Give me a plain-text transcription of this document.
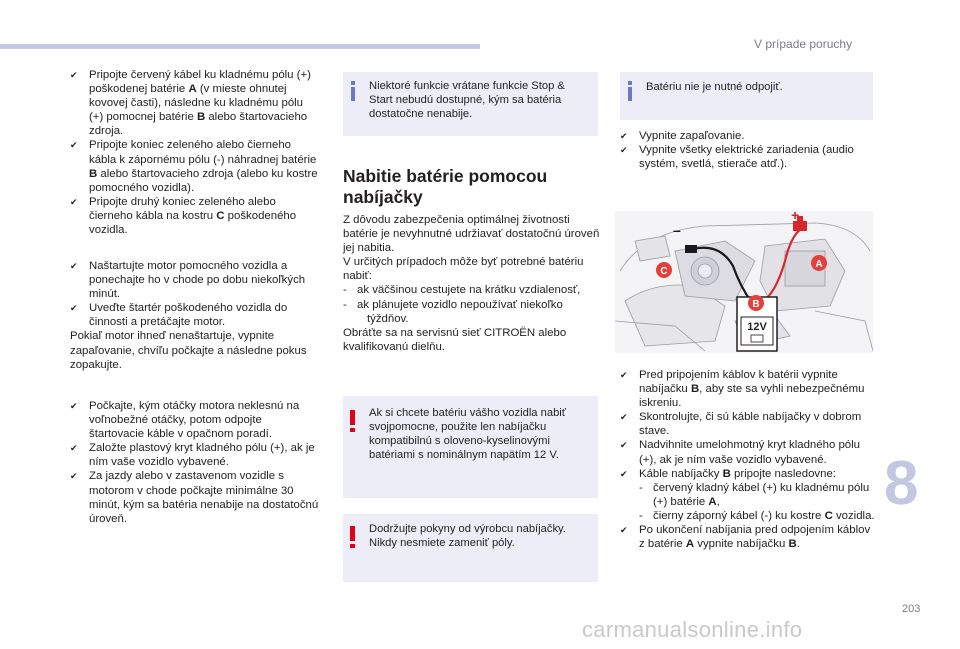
V prípade poruchy
✔︎ Pripojte červený kábel ku kladnému pólu (+) poškodenej batérie A (v mieste ohnutej kovovej časti), následne ku kladnému pólu (+) pomocnej batérie B alebo štartovacieho zdroja.
✔︎ Pripojte koniec zeleného alebo čierneho kábla k zápornému pólu (-) náhradnej batérie B alebo štartovacieho zdroja (alebo ku kostre pomocného vozidla).
✔︎ Pripojte druhý koniec zeleného alebo čierneho kábla na kostru C poškodeného vozidla.
✔︎ Naštartujte motor pomocného vozidla a ponechajte ho v chode po dobu niekoľkých minút.
✔︎ Uveďte štartér poškodeného vozidla do činnosti a pretáčajte motor.
Pokiaľ motor ihneď nenaštartuje, vypnite zapaľovanie, chvíľu počkajte a následne pokus zopakujte.
✔︎ Počkajte, kým otáčky motora neklesnú na voľnobežné otáčky, potom odpojte štartovacie káble v opačnom poradí.
✔︎ Založte plastový kryt kladného pólu (+), ak je ním vaše vozidlo vybavené.
✔︎ Za jazdy alebo v zastavenom vozidle s motorom v chode počkajte minimálne 30 minút, kým sa batéria nenabije na dostatočnú úroveň.
Niektoré funkcie vrátane funkcie Stop & Start nebudú dostupné, kým sa batéria dostatočne nenabije.
Nabitie batérie pomocou nabíjačky
Z dôvodu zabezpečenia optimálnej životnosti batérie je nevyhnutné udržiavať dostatočnú úroveň jej nabitia.
V určitých prípadoch môže byť potrebné batériu nabiť:
- ak väčšinou cestujete na krátku vzdialenosť,
- ak plánujete vozidlo nepoužívať niekoľko týždňov.
Obráťte sa na servisnú sieť CITROËN alebo kvalifikovanú dielňu.
Ak si chcete batériu vášho vozidla nabiť svojpomocne, použite len nabíjačku kompatibilnú s oloveno-kyselinovými batériami s nominálnym napätím 12 V.
Dodržujte pokyny od výrobcu nabíjačky. Nikdy nesmiete zameniť póly.
Batériu nie je nutné odpojiť.
✔︎ Vypnite zapaľovanie.
✔︎ Vypnite všetky elektrické zariadenia (audio systém, svetlá, stierače atď.).
+
–
A
C
12V
B
✔︎ Pred pripojením káblov k batérii vypnite nabíjačku B, aby ste sa vyhli nebezpečnému iskreniu.
✔︎ Skontrolujte, či sú káble nabíjačky v dobrom stave.
✔︎ Nadvihnite umelohmotný kryt kladného pólu (+), ak je ním vaše vozidlo vybavené.
✔︎ Káble nabíjačky B pripojte nasledovne:
- červený kladný kábel (+) ku kladnému pólu (+) batérie A,
- čierny záporný kábel (-) ku kostre C vozidla.
✔︎ Po ukončení nabíjania pred odpojením káblov z batérie A vypnite nabíjačku B.
8
203
carmanualsonline.info
